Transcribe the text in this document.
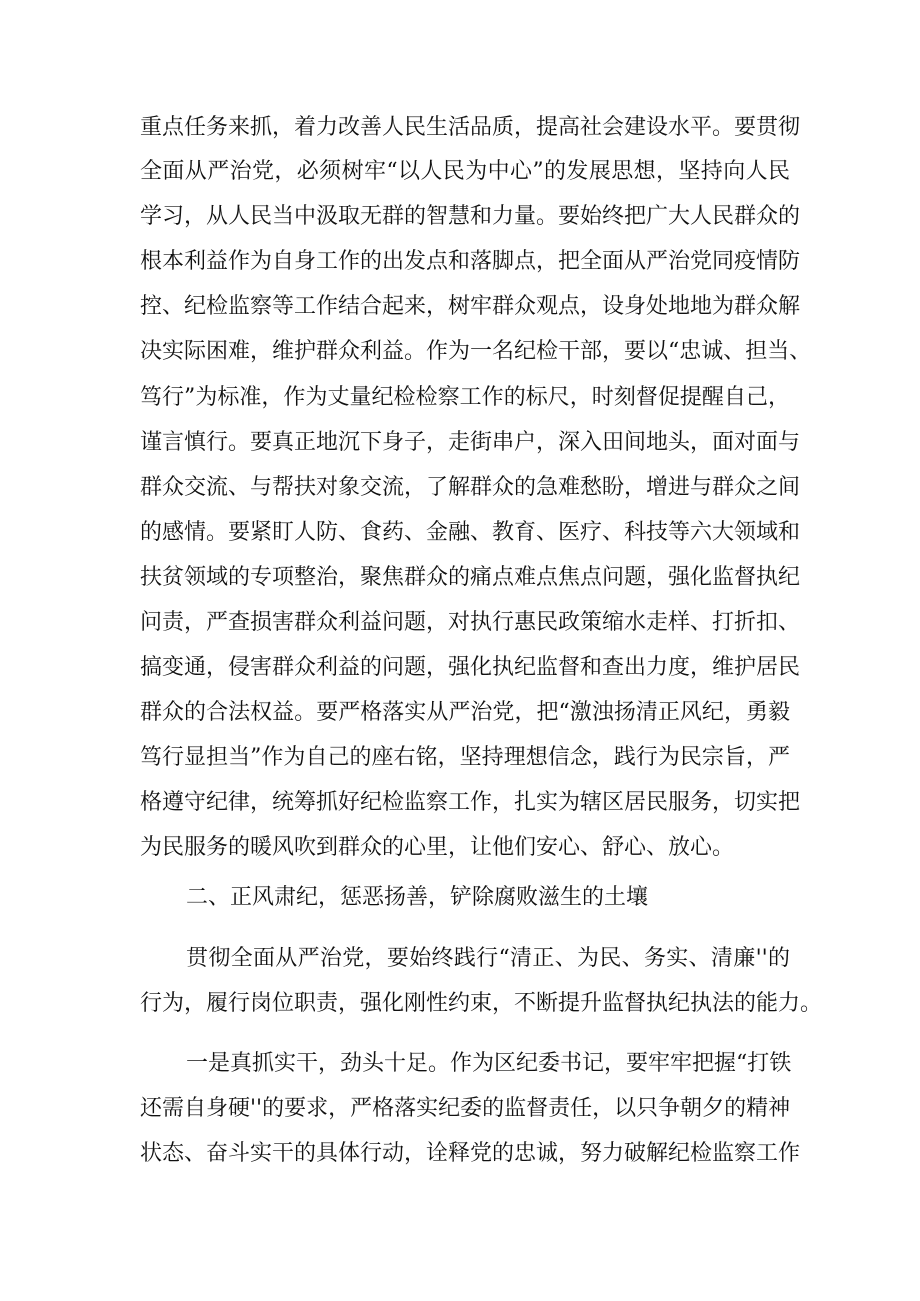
重点任务来抓，着力改善人民生活品质，提高社会建设水平。要贯彻
全面从严治党，必须树牢“以人民为中心”的发展思想，坚持向人民
学习，从人民当中汲取无群的智慧和力量。要始终把广大人民群众的
根本利益作为自身工作的出发点和落脚点，把全面从严治党同疫情防
控、纪检监察等工作结合起来，树牢群众观点，设身处地地为群众解
决实际困难，维护群众利益。作为一名纪检干部，要以“忠诚、担当、
笃行”为标准，作为丈量纪检检察工作的标尺，时刻督促提醒自己，
谨言慎行。要真正地沉下身子，走街串户，深入田间地头，面对面与
群众交流、与帮扶对象交流，了解群众的急难愁盼，增进与群众之间
的感情。要紧盯人防、食药、金融、教育、医疗、科技等六大领域和
扶贫领域的专项整治，聚焦群众的痛点难点焦点问题，强化监督执纪
问责，严查损害群众利益问题，对执行惠民政策缩水走样、打折扣、
搞变通，侵害群众利益的问题，强化执纪监督和查出力度，维护居民
群众的合法权益。要严格落实从严治党，把“激浊扬清正风纪，勇毅
笃行显担当”作为自己的座右铭，坚持理想信念，践行为民宗旨，严
格遵守纪律，统筹抓好纪检监察工作，扎实为辖区居民服务，切实把
为民服务的暖风吹到群众的心里，让他们安心、舒心、放心。
二、正风肃纪，惩恶扬善，铲除腐败滋生的土壤
贯彻全面从严治党，要始终践行“清正、为民、务实、清廉''的
行为，履行岗位职责，强化刚性约束，不断提升监督执纪执法的能力。
一是真抓实干，劲头十足。作为区纪委书记，要牢牢把握“打铁
还需自身硬''的要求，严格落实纪委的监督责任，以只争朝夕的精神
状态、奋斗实干的具体行动，诠释党的忠诚，努力破解纪检监察工作
